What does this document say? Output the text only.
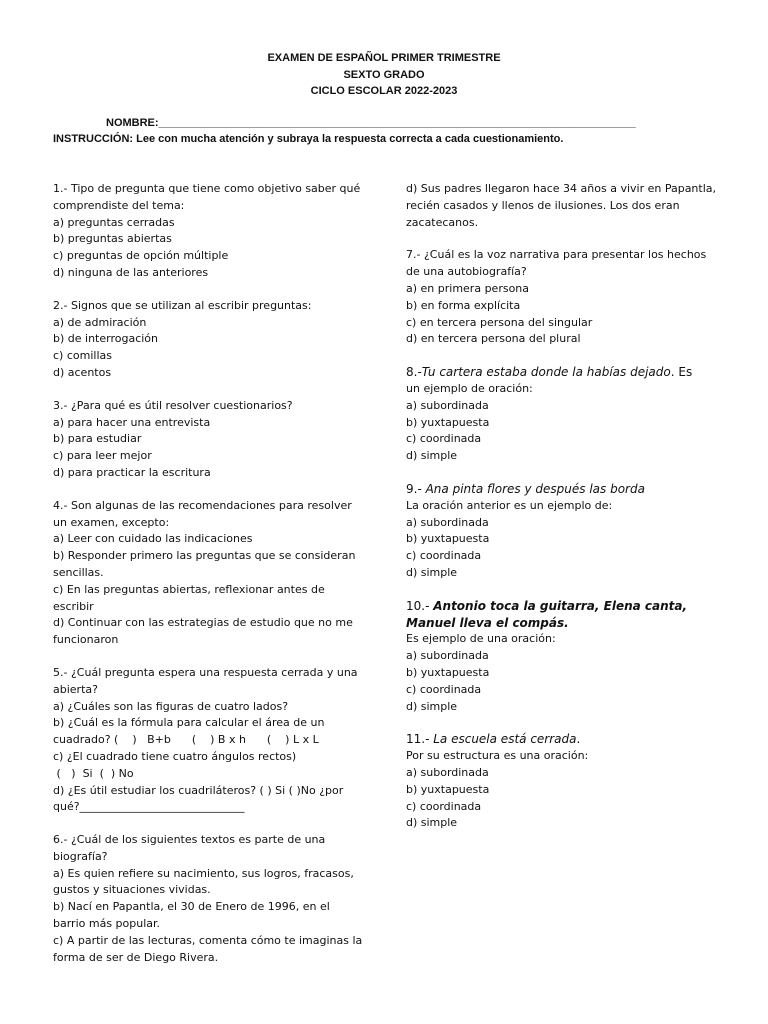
EXAMEN DE ESPAÑOL PRIMER TRIMESTRE
SEXTO GRADO
CICLO ESCOLAR 2022-2023
NOMBRE:______________________________________________________________________________
INSTRUCCIÓN: Lee con mucha atención y subraya la respuesta correcta a cada cuestionamiento.
1.- Tipo de pregunta que tiene como objetivo saber qué comprendiste del tema:
a) preguntas cerradas
b) preguntas abiertas
c) preguntas de opción múltiple
d) ninguna de las anteriores
2.- Signos que se utilizan al escribir preguntas:
a) de admiración
b) de interrogación
c) comillas
d) acentos
3.- ¿Para qué es útil resolver cuestionarios?
a) para hacer una entrevista
b) para estudiar
c) para leer mejor
d) para practicar la escritura
4.- Son algunas de las recomendaciones para resolver un examen, excepto:
a) Leer con cuidado las indicaciones
b) Responder primero las preguntas que se consideran sencillas.
c) En las preguntas abiertas, reflexionar antes de escribir
d) Continuar con las estrategias de estudio que no me funcionaron
5.- ¿Cuál pregunta espera una respuesta cerrada y una abierta?
a) ¿Cuáles son las figuras de cuatro lados?
b) ¿Cuál es la fórmula para calcular el área de un cuadrado? (    )   B+b      (    ) B x h      (    ) L x L
c) ¿El cuadrado tiene cuatro ángulos rectos)
(   )  Si  (  ) No
d) ¿Es útil estudiar los cuadriláteros? ( ) Si ( )No ¿por qué?______________________________
6.- ¿Cuál de los siguientes textos es parte de una biografía?
a) Es quien refiere su nacimiento, sus logros, fracasos, gustos y situaciones vividas.
b) Nací en Papantla, el 30 de Enero de 1996, en el barrio más popular.
c) A partir de las lecturas, comenta cómo te imaginas la forma de ser de Diego Rivera.
d) Sus padres llegaron hace 34 años a vivir en Papantla, recién casados y llenos de ilusiones. Los dos eran zacatecanos.
7.- ¿Cuál es la voz narrativa para presentar los hechos de una autobiografía?
a) en primera persona
b) en forma explícita
c) en tercera persona del singular
d) en tercera persona del plural
8.-Tu cartera estaba donde la habías dejado. Es
un ejemplo de oración:
a) subordinada
b) yuxtapuesta
c) coordinada
d) simple
9.- Ana pinta flores y después las borda
La oración anterior es un ejemplo de:
a) subordinada
b) yuxtapuesta
c) coordinada
d) simple
10.- Antonio toca la guitarra, Elena canta, Manuel lleva el compás.
Es ejemplo de una oración:
a) subordinada
b) yuxtapuesta
c) coordinada
d) simple
11.- La escuela está cerrada.
Por su estructura es una oración:
a) subordinada
b) yuxtapuesta
c) coordinada
d) simple
